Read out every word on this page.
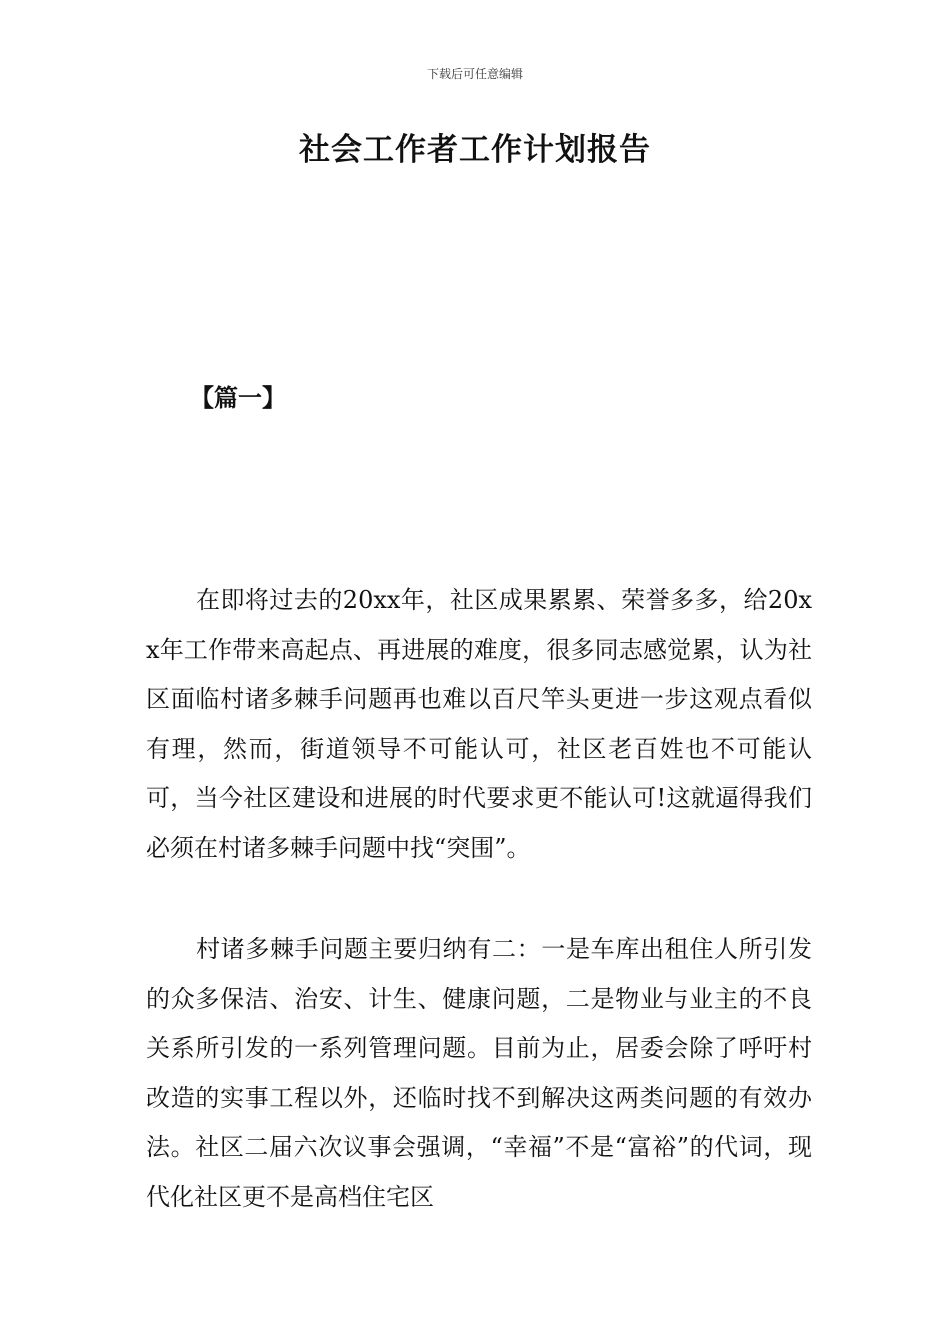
下载后可任意编辑
社会工作者工作计划报告
【篇一】

在即将过去的20xx年，社区成果累累、荣誉多多，给20xx年工作带来高起点、再进展的难度，很多同志感觉累，认为社区面临村诸多棘手问题再也难以百尺竿头更进一步这观点看似有理，然而，街道领导不可能认可，社区老百姓也不可能认可，当今社区建设和进展的时代要求更不能认可!这就逼得我们必须在村诸多棘手问题中找“突围”。

村诸多棘手问题主要归纳有二：一是车库出租住人所引发的众多保洁、治安、计生、健康问题，二是物业与业主的不良关系所引发的一系列管理问题。目前为止，居委会除了呼吁村改造的实事工程以外，还临时找不到解决这两类问题的有效办法。社区二届六次议事会强调，“幸福”不是“富裕”的代词，现代化社区更不是高档住宅区
